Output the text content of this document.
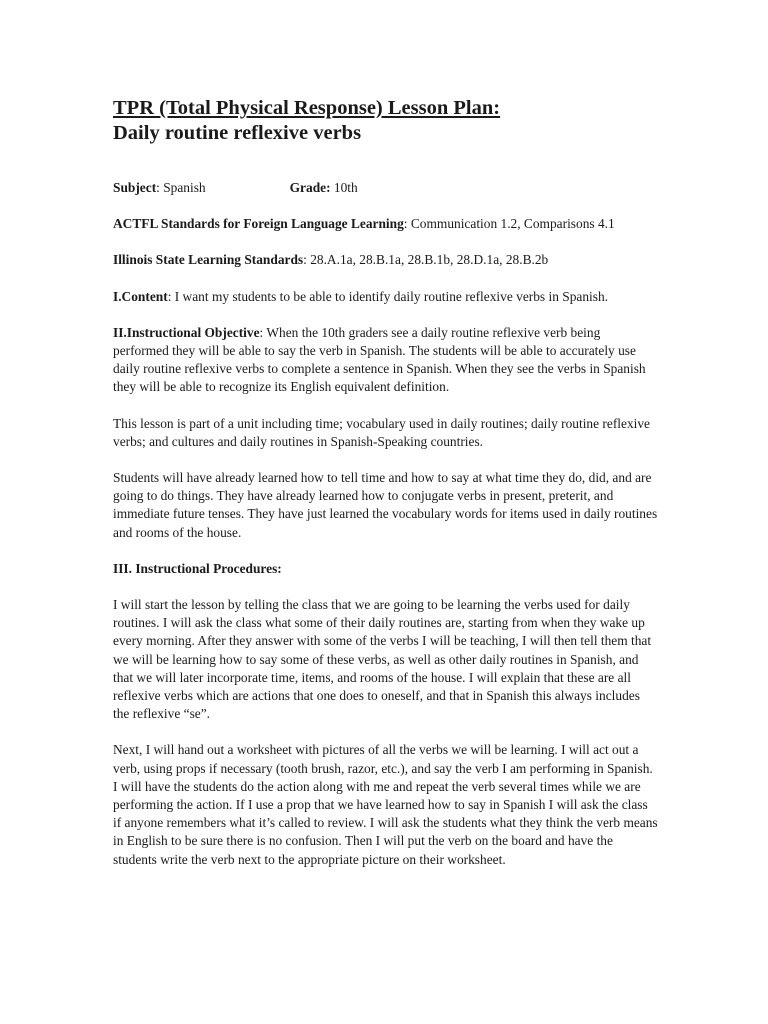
TPR (Total Physical Response) Lesson Plan:
Daily routine reflexive verbs

Subject: Spanish	Grade: 10th

ACTFL Standards for Foreign Language Learning: Communication 1.2, Comparisons 4.1

Illinois State Learning Standards: 28.A.1a, 28.B.1a, 28.B.1b, 28.D.1a, 28.B.2b

I.Content: I want my students to be able to identify daily routine reflexive verbs in Spanish.

II.Instructional Objective: When the 10th graders see a daily routine reflexive verb being performed they will be able to say the verb in Spanish. The students will be able to accurately use daily routine reflexive verbs to complete a sentence in Spanish. When they see the verbs in Spanish they will be able to recognize its English equivalent definition.

This lesson is part of a unit including time; vocabulary used in daily routines; daily routine reflexive verbs; and cultures and daily routines in Spanish-Speaking countries.

Students will have already learned how to tell time and how to say at what time they do, did, and are going to do things. They have already learned how to conjugate verbs in present, preterit, and immediate future tenses. They have just learned the vocabulary words for items used in daily routines and rooms of the house.

III. Instructional Procedures:

I will start the lesson by telling the class that we are going to be learning the verbs used for daily routines. I will ask the class what some of their daily routines are, starting from when they wake up every morning. After they answer with some of the verbs I will be teaching, I will then tell them that we will be learning how to say some of these verbs, as well as other daily routines in Spanish, and that we will later incorporate time, items, and rooms of the house. I will explain that these are all reflexive verbs which are actions that one does to oneself, and that in Spanish this always includes the reflexive “se”.

Next, I will hand out a worksheet with pictures of all the verbs we will be learning. I will act out a verb, using props if necessary (tooth brush, razor, etc.), and say the verb I am performing in Spanish. I will have the students do the action along with me and repeat the verb several times while we are performing the action. If I use a prop that we have learned how to say in Spanish I will ask the class if anyone remembers what it’s called to review. I will ask the students what they think the verb means in English to be sure there is no confusion. Then I will put the verb on the board and have the students write the verb next to the appropriate picture on their worksheet.
